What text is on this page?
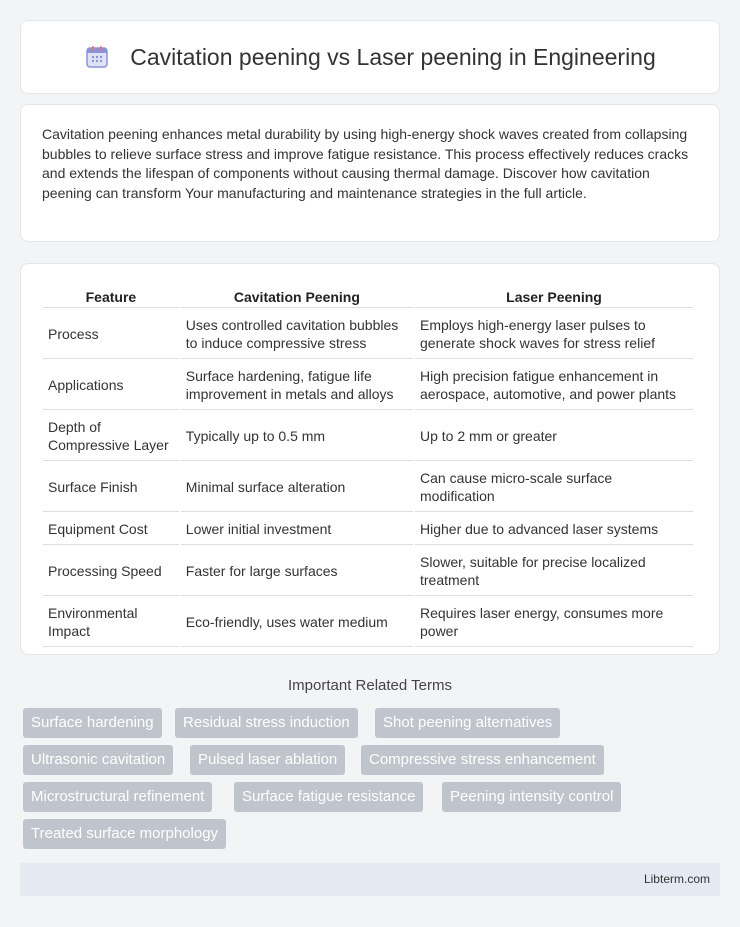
Cavitation peening vs Laser peening in Engineering

Cavitation peening enhances metal durability by using high-energy shock waves created from collapsing bubbles to relieve surface stress and improve fatigue resistance. This process effectively reduces cracks and extends the lifespan of components without causing thermal damage. Discover how cavitation peening can transform Your manufacturing and maintenance strategies in the full article.

Feature	Cavitation Peening	Laser Peening
Process	Uses controlled cavitation bubbles to induce compressive stress	Employs high-energy laser pulses to generate shock waves for stress relief
Applications	Surface hardening, fatigue life improvement in metals and alloys	High precision fatigue enhancement in aerospace, automotive, and power plants
Depth of Compressive Layer	Typically up to 0.5 mm	Up to 2 mm or greater
Surface Finish	Minimal surface alteration	Can cause micro-scale surface modification
Equipment Cost	Lower initial investment	Higher due to advanced laser systems
Processing Speed	Faster for large surfaces	Slower, suitable for precise localized treatment
Environmental Impact	Eco-friendly, uses water medium	Requires laser energy, consumes more power
Important Related Terms
Surface hardening	Residual stress induction	Shot peening alternatives
Ultrasonic cavitation	Pulsed laser ablation	Compressive stress enhancement
Microstructural refinement	Surface fatigue resistance	Peening intensity control
Treated surface morphology
Libterm.com
